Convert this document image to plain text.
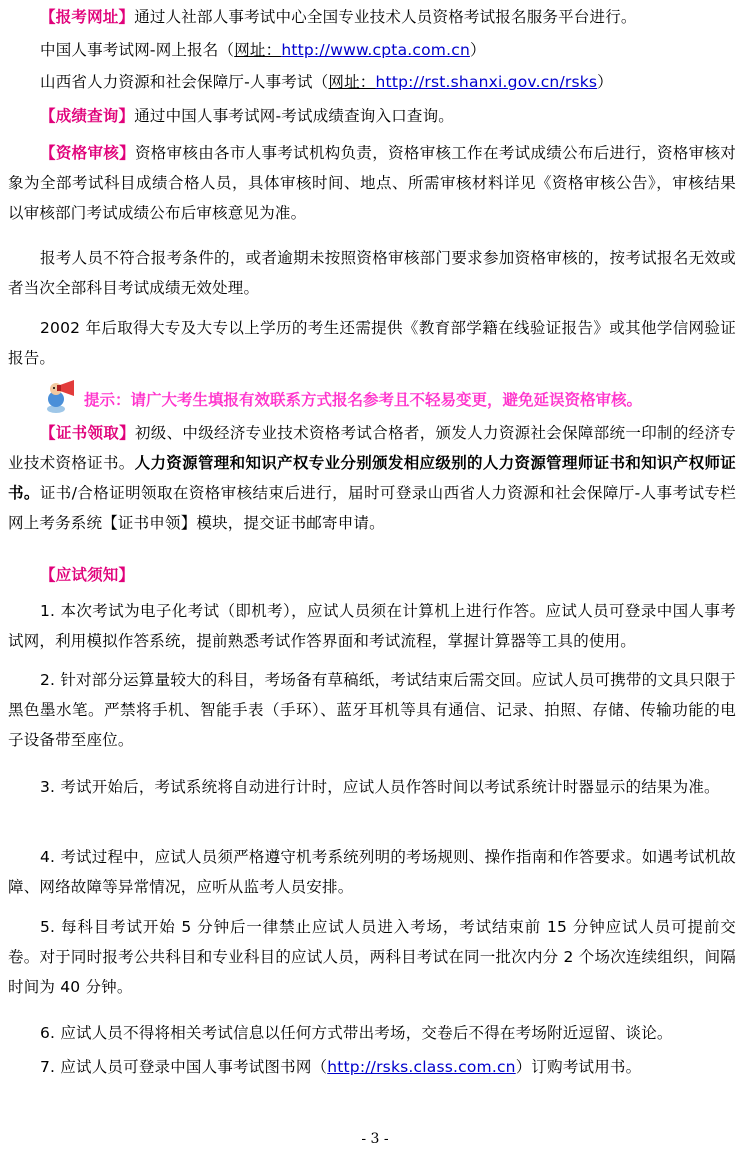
【报考网址】通过人社部人事考试中心全国专业技术人员资格考试报名服务平台进行。

中国人事考试网-网上报名（网址：http://www.cpta.com.cn）

山西省人力资源和社会保障厅-人事考试（网址：http://rst.shanxi.gov.cn/rsks）

【成绩查询】通过中国人事考试网-考试成绩查询入口查询。

【资格审核】资格审核由各市人事考试机构负责，资格审核工作在考试成绩公布后进行，资格审核对象为全部考试科目成绩合格人员，具体审核时间、地点、所需审核材料详见《资格审核公告》，审核结果以审核部门考试成绩公布后审核意见为准。

报考人员不符合报考条件的，或者逾期未按照资格审核部门要求参加资格审核的，按考试报名无效或者当次全部科目考试成绩无效处理。

2002 年后取得大专及大专以上学历的考生还需提供《教育部学籍在线验证报告》或其他学信网验证报告。

提示：请广大考生填报有效联系方式报名参考且不轻易变更，避免延误资格审核。

【证书领取】初级、中级经济专业技术资格考试合格者，颁发人力资源社会保障部统一印制的经济专业技术资格证书。人力资源管理和知识产权专业分别颁发相应级别的人力资源管理师证书和知识产权师证书。证书/合格证明领取在资格审核结束后进行，届时可登录山西省人力资源和社会保障厅-人事考试专栏网上考务系统【证书申领】模块，提交证书邮寄申请。

【应试须知】

1. 本次考试为电子化考试（即机考），应试人员须在计算机上进行作答。应试人员可登录中国人事考试网，利用模拟作答系统，提前熟悉考试作答界面和考试流程，掌握计算器等工具的使用。

2. 针对部分运算量较大的科目，考场备有草稿纸，考试结束后需交回。应试人员可携带的文具只限于黑色墨水笔。严禁将手机、智能手表（手环）、蓝牙耳机等具有通信、记录、拍照、存储、传输功能的电子设备带至座位。

3. 考试开始后，考试系统将自动进行计时，应试人员作答时间以考试系统计时器显示的结果为准。

4. 考试过程中，应试人员须严格遵守机考系统列明的考场规则、操作指南和作答要求。如遇考试机故障、网络故障等异常情况，应听从监考人员安排。

5. 每科目考试开始 5 分钟后一律禁止应试人员进入考场，考试结束前 15 分钟应试人员可提前交卷。对于同时报考公共科目和专业科目的应试人员，两科目考试在同一批次内分 2 个场次连续组织，间隔时间为 40 分钟。

6. 应试人员不得将相关考试信息以任何方式带出考场，交卷后不得在考场附近逗留、谈论。

7. 应试人员可登录中国人事考试图书网（http://rsks.class.com.cn）订购考试用书。

- 3 -
